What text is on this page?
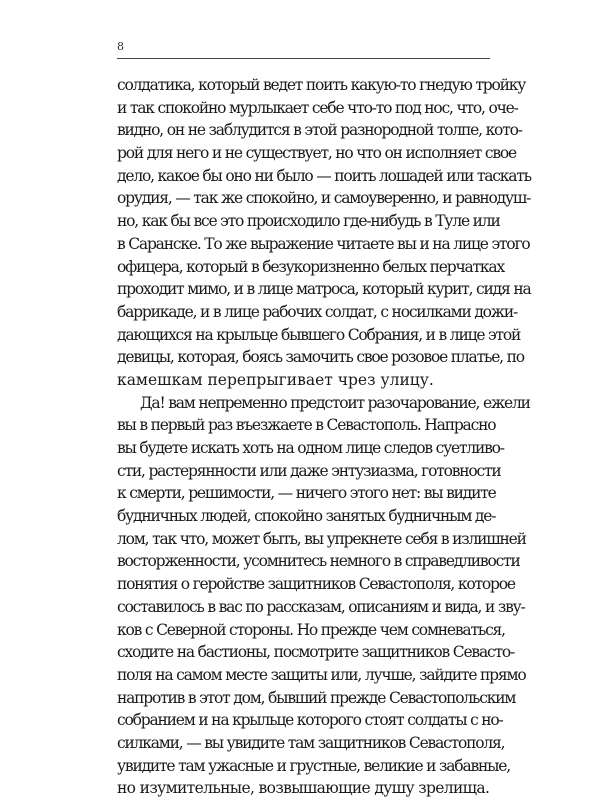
8
солдатика, который ведет поить какую-то гнедую тройку
и так спокойно мурлыкает себе что-то под нос, что, оче-
видно, он не заблудится в этой разнородной толпе, кото-
рой для него и не существует, но что он исполняет свое
дело, какое бы оно ни было — поить лошадей или таскать
орудия, — так же спокойно, и самоуверенно, и равнодуш-
но, как бы все это происходило где-нибудь в Туле или
в Саранске. То же выражение читаете вы и на лице этого
офицера, который в безукоризненно белых перчатках
проходит мимо, и в лице матроса, который курит, сидя на
баррикаде, и в лице рабочих солдат, с носилками дожи-
дающихся на крыльце бывшего Собрания, и в лице этой
девицы, которая, боясь замочить свое розовое платье, по
камешкам перепрыгивает чрез улицу.
Да! вам непременно предстоит разочарование, ежели
вы в первый раз въезжаете в Севастополь. Напрасно
вы будете искать хоть на одном лице следов суетливо-
сти, растерянности или даже энтузиазма, готовности
к смерти, решимости, — ничего этого нет: вы видите
будничных людей, спокойно занятых будничным де-
лом, так что, может быть, вы упрекнете себя в излишней
восторженности, усомнитесь немного в справедливости
понятия о геройстве защитников Севастополя, которое
составилось в вас по рассказам, описаниям и вида, и зву-
ков с Северной стороны. Но прежде чем сомневаться,
сходите на бастионы, посмотрите защитников Севасто-
поля на самом месте защиты или, лучше, зайдите прямо
напротив в этот дом, бывший прежде Севастопольским
собранием и на крыльце которого стоят солдаты с но-
силками, — вы увидите там защитников Севастополя,
увидите там ужасные и грустные, великие и забавные,
но изумительные, возвышающие душу зрелища.
